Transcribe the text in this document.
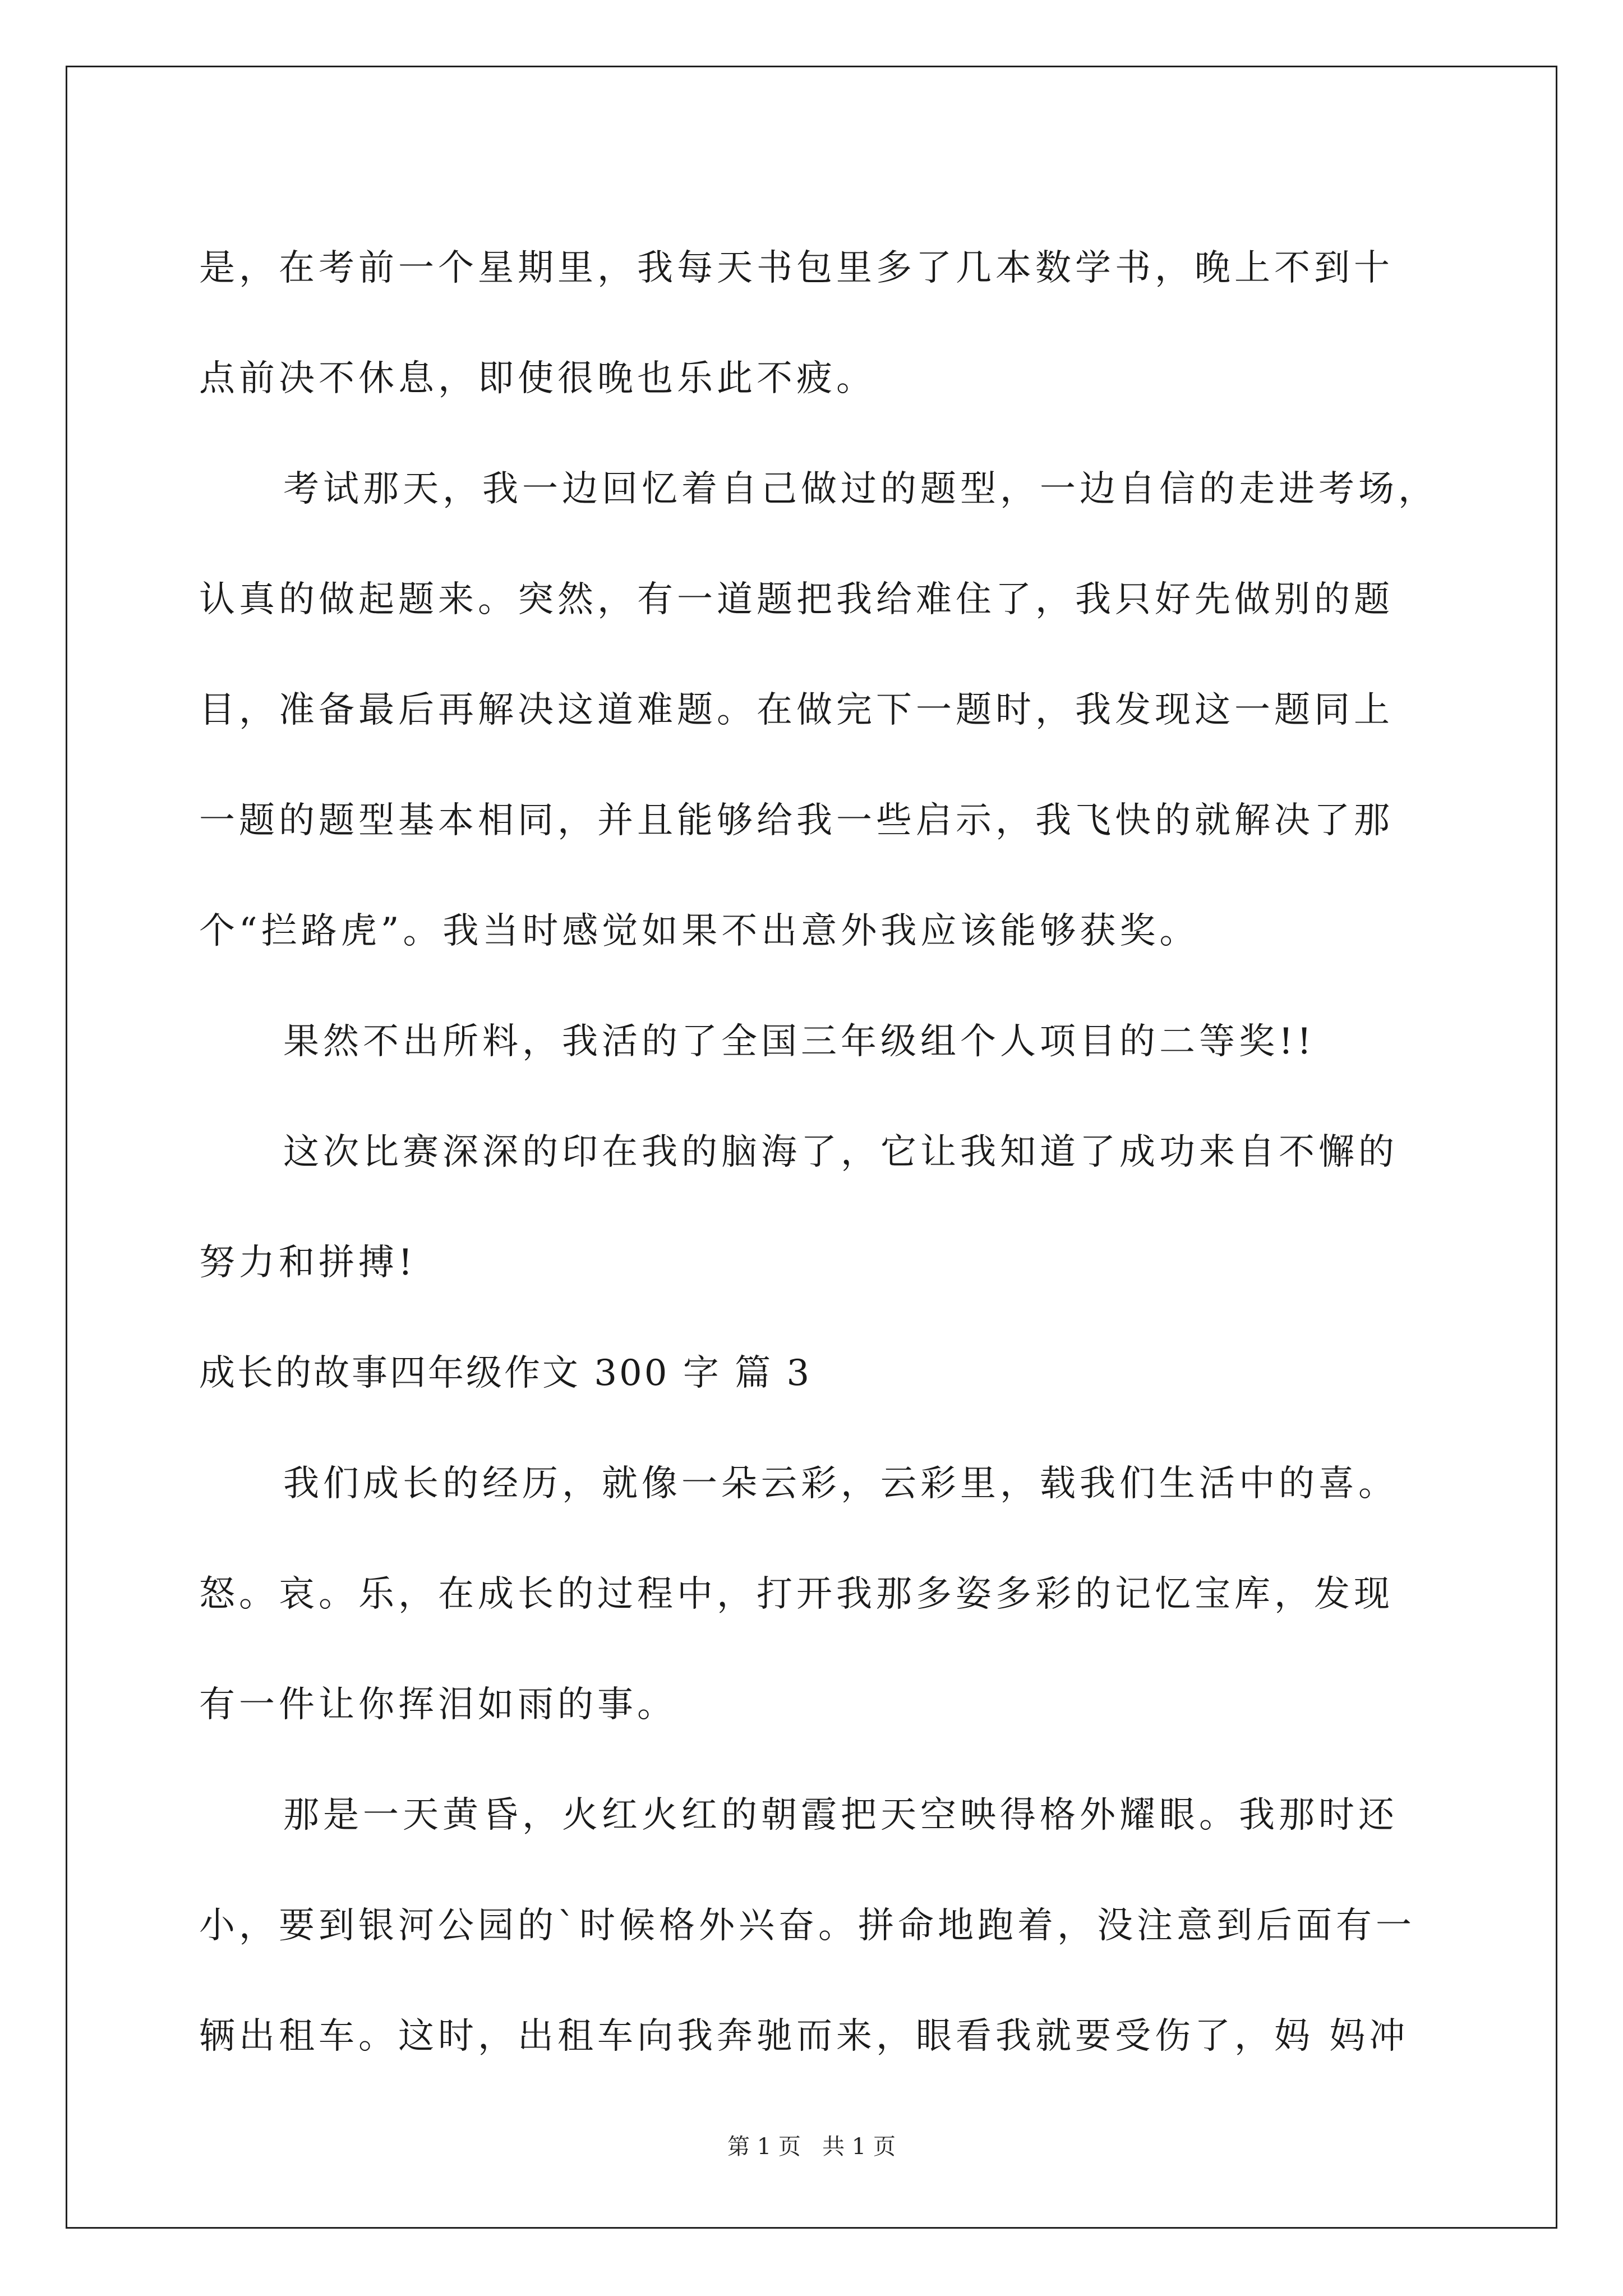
是，在考前一个星期里，我每天书包里多了几本数学书，晚上不到十

点前决不休息，即使很晚也乐此不疲。

考试那天，我一边回忆着自己做过的题型，一边自信的走进考场，

认真的做起题来。突然，有一道题把我给难住了，我只好先做别的题

目，准备最后再解决这道难题。在做完下一题时，我发现这一题同上

一题的题型基本相同，并且能够给我一些启示，我飞快的就解决了那

个“拦路虎”。我当时感觉如果不出意外我应该能够获奖。

果然不出所料，我活的了全国三年级组个人项目的二等奖!!

这次比赛深深的印在我的脑海了，它让我知道了成功来自不懈的

努力和拼搏!

成长的故事四年级作文 300 字 篇 3

我们成长的经历，就像一朵云彩，云彩里，载我们生活中的喜。

怒。哀。乐，在成长的过程中，打开我那多姿多彩的记忆宝库，发现

有一件让你挥泪如雨的事。

那是一天黄昏，火红火红的朝霞把天空映得格外耀眼。我那时还

小，要到银河公园的`时候格外兴奋。拼命地跑着，没注意到后面有一

辆出租车。这时，出租车向我奔驰而来，眼看我就要受伤了，妈 妈冲

第 1 页   共 1 页
